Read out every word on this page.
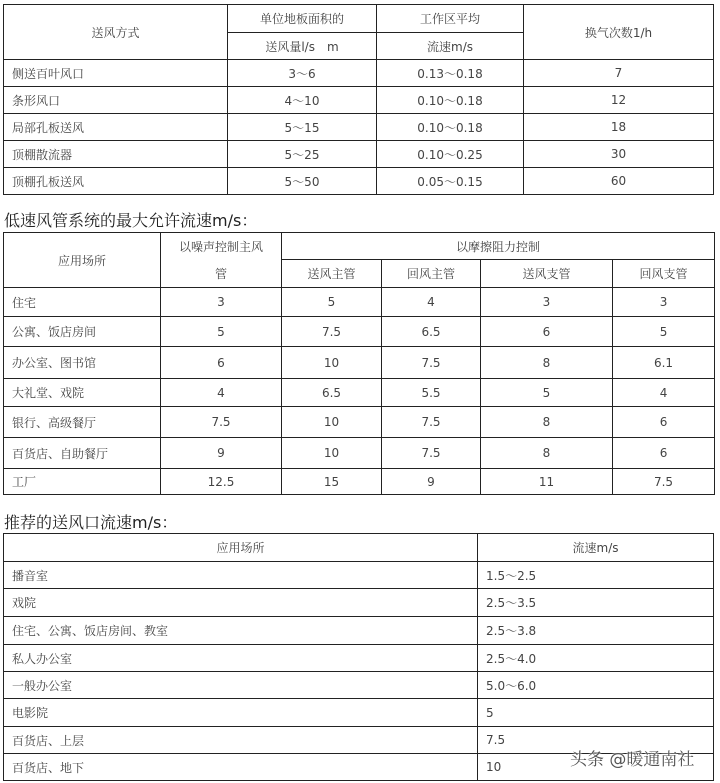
送风方式	单位地板面积的	工作区平均	换气次数1/h
	送风量l/s　m	流速m/s	
侧送百叶风口	3～6	0.13～0.18	7
条形风口	4～10	0.10～0.18	12
局部孔板送风	5～15	0.10～0.18	18
顶棚散流器	5～25	0.10～0.25	30
顶棚孔板送风	5～50	0.05～0.15	60
低速风管系统的最大允许流速m/s：
应用场所	以噪声控制主风	以摩擦阻力控制			
	管	送风主管	回风主管	送风支管	回风支管
住宅	3	5	4	3	3
公寓、饭店房间	5	7.5	6.5	6	5
办公室、图书馆	6	10	7.5	8	6.1
大礼堂、戏院	4	6.5	5.5	5	4
银行、高级餐厅	7.5	10	7.5	8	6
百货店、自助餐厅	9	10	7.5	8	6
工厂	12.5	15	9	11	7.5
推荐的送风口流速m/s：
应用场所	流速m/s
播音室	1.5～2.5
戏院	2.5～3.5
住宅、公寓、饭店房间、教室	2.5～3.8
私人办公室	2.5～4.0
一般办公室	5.0～6.0
电影院	5
百货店、上层	7.5
百货店、地下	10	头条 @暖通南社
